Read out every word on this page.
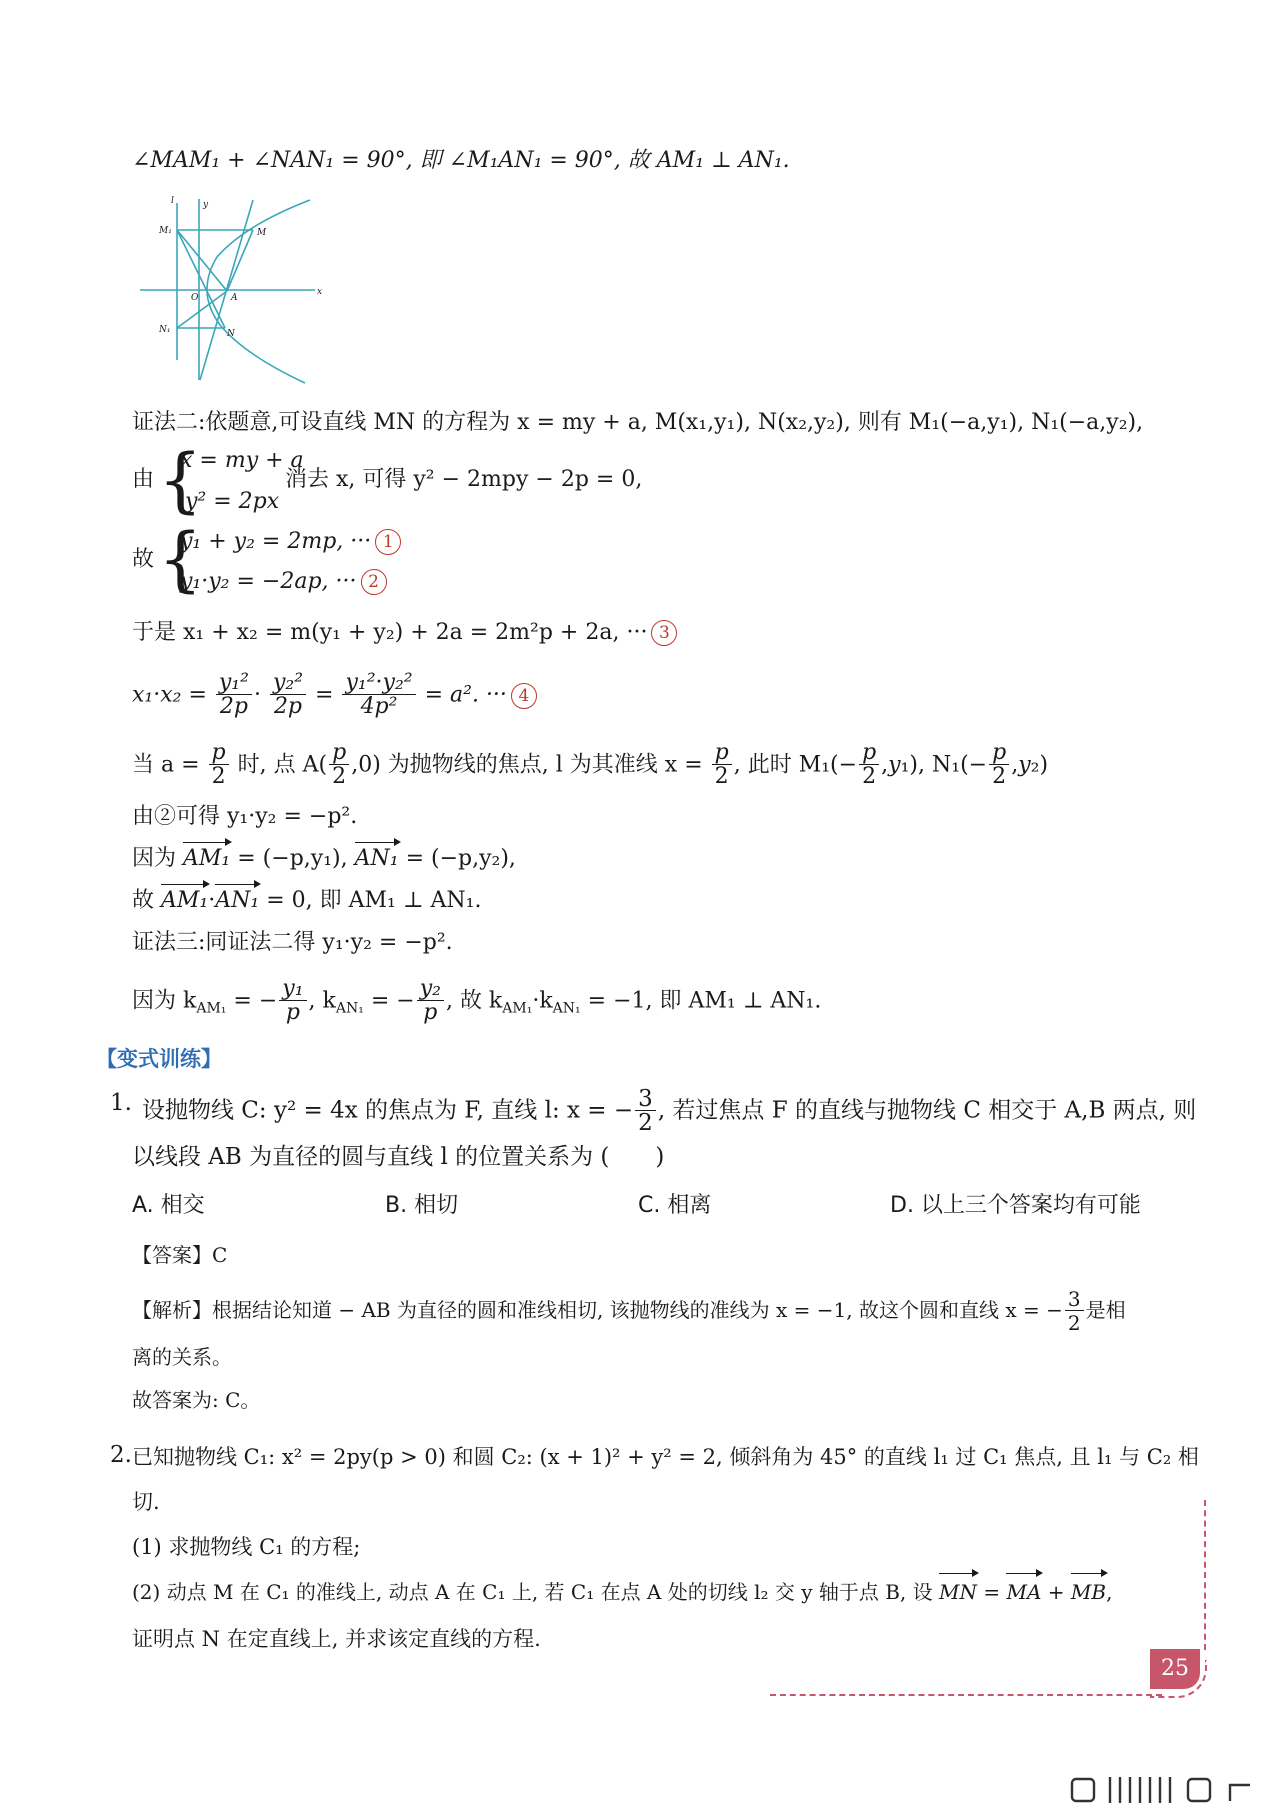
∠MAM₁ + ∠NAN₁ = 90°, 即 ∠M₁AN₁ = 90°, 故 AM₁ ⊥ AN₁.
y
x
l
O	A
M
N
M₁
N₁
证法二:依题意,可设直线 MN 的方程为 x = my + a, M(x₁,y₁), N(x₂,y₂), 则有 M₁(−a,y₁), N₁(−a,y₂),
由 {
x = my + a
y² = 2px
消去 x, 可得 y² − 2mpy − 2p = 0,
故 {
y₁ + y₂ = 2mp, ··· 1
y₁·y₂ = −2ap, ··· 2
于是 x₁ + x₂ = m(y₁ + y₂) + 2a = 2m²p + 2a, ··· 3
$x_1\cdot x_2 = \frac{\text{y₁²}}{2p} \cdot \frac{\text{y₂²}}{2p} = \frac{\text{y₁²·y₂²}}{\text{4p²}} = a^2$. ··· 4
当 $a = \frac{p}{2}$ 时, 点 $A( \frac{p}{2} ,0)$ 为抛物线的焦点, l 为其准线 $x = \frac{p}{2}$ , 此时 $M_1(- \frac{p}{2} ,y_1)$, $N_1(- \frac{p}{2} ,y_2)$
由②可得 y₁·y₂ = −p².
因为 AM₁ = (−p,y₁), AN₁ = (−p,y₂),
故 AM₁·AN₁ = 0, 即 AM₁ ⊥ AN₁.
证法三:同证法二得 y₁·y₂ = −p².
因为 $k_{AM_1}$ = − $\frac{\text{y₁}}{p}$ , $k_{AN_1}$ = − $\frac{\text{y₂}}{p}$ , 故 $k_{AM_1}\cdot k_{AN_1} = -1$, 即 AM₁ ⊥ AN₁.
【变式训练】
1. 设抛物线 C: y² = 4x 的焦点为 F, 直线 l: x = − $\frac{3}{2}$ , 若过焦点 F 的直线与抛物线 C 相交于 A,B 两点, 则
以线段 AB 为直径的圆与直线 l 的位置关系为 (　　)
A. 相交	B. 相切	C. 相离	D. 以上三个答案均有可能
【答案】C
【解析】根据结论知道 − AB 为直径的圆和准线相切, 该抛物线的准线为 x = −1, 故这个圆和直线 x = − $\frac{3}{2}$ 是相
离的关系。
故答案为: C。
2. 已知抛物线 C₁: x² = 2py(p > 0) 和圆 C₂: (x + 1)² + y² = 2, 倾斜角为 45° 的直线 l₁ 过 C₁ 焦点, 且 l₁ 与 C₂ 相
切.
(1) 求抛物线 C₁ 的方程;
(2) 动点 M 在 C₁ 的准线上, 动点 A 在 C₁ 上, 若 C₁ 在点 A 处的切线 l₂ 交 y 轴于点 B, 设 MN = MA + MB,
证明点 N 在定直线上, 并求该定直线的方程.
25
